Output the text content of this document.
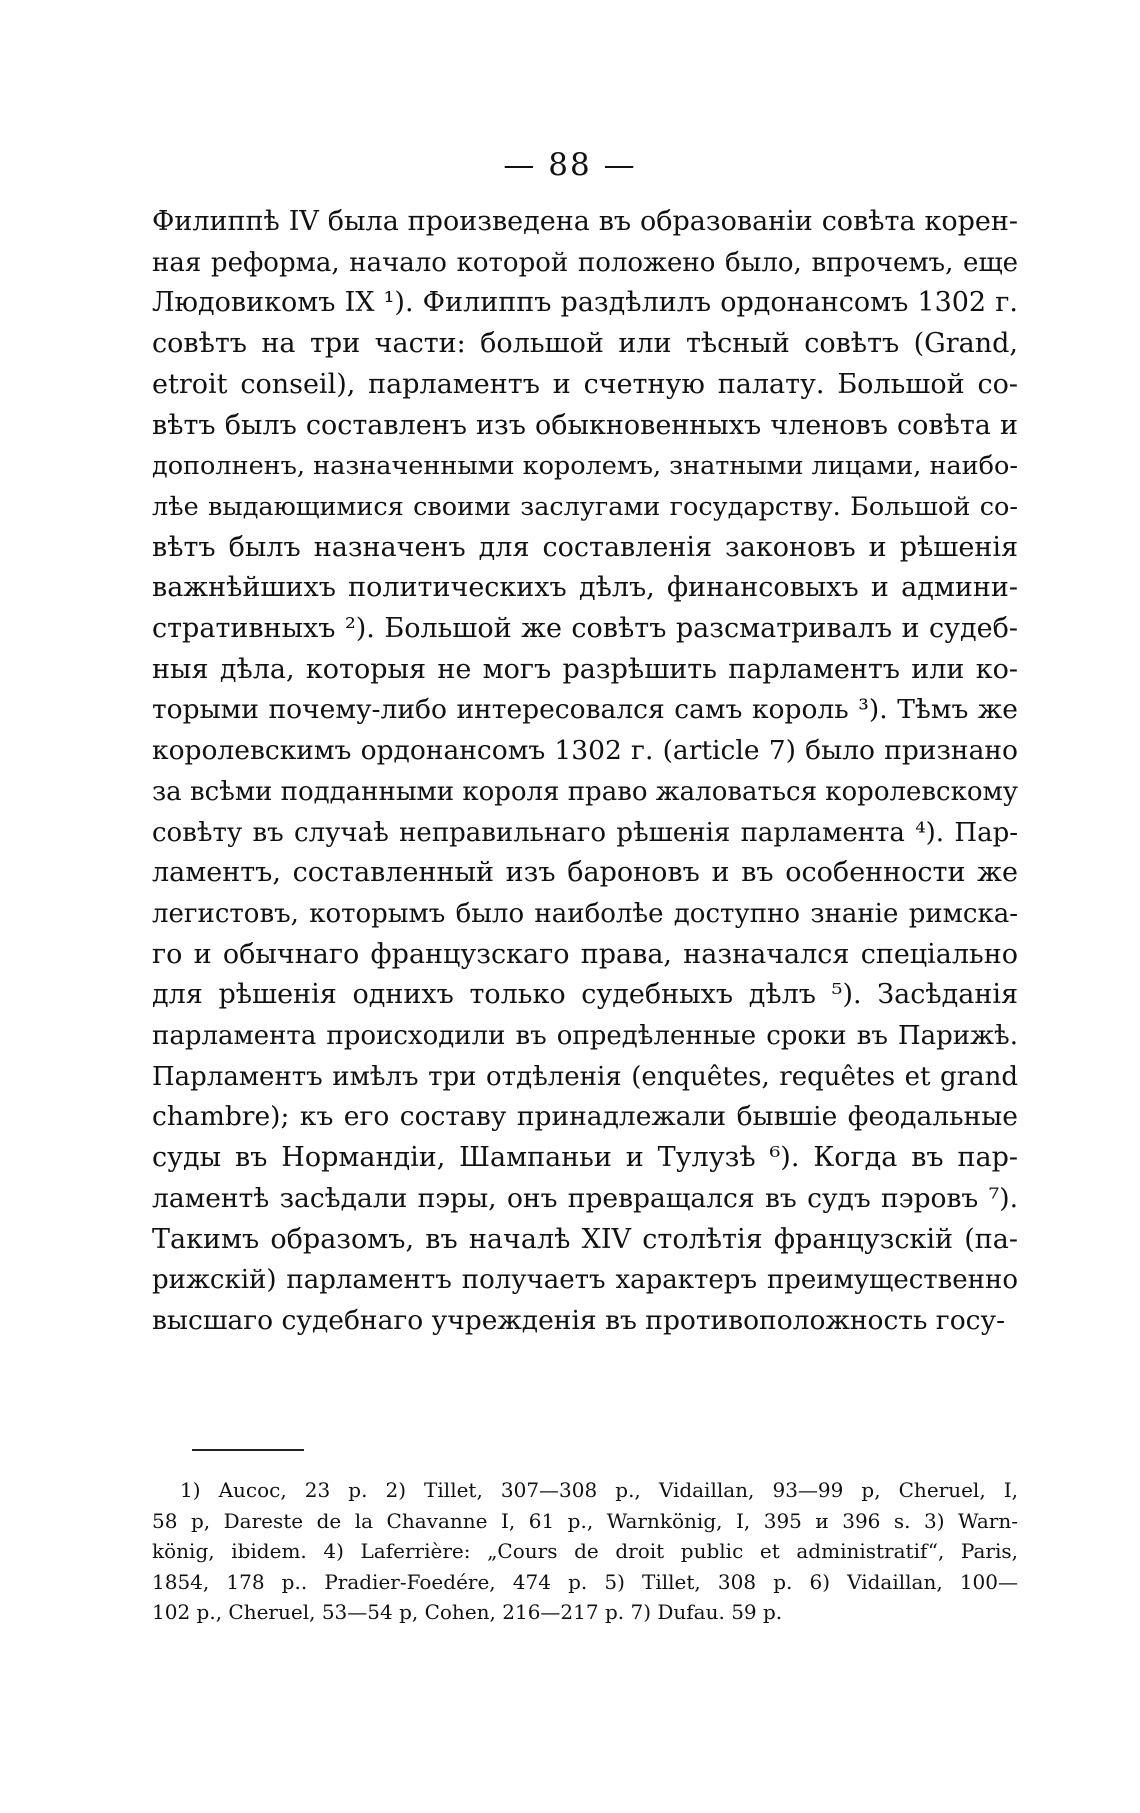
— 88 —
Филиппѣ IV была произведена въ образованіи совѣта корен-
ная реформа, начало которой положено было, впрочемъ, еще
Людовикомъ IX ¹). Филиппъ раздѣлилъ ордонансомъ 1302 г.
совѣтъ на три части: большой или тѣсный совѣтъ (Grand,
etroit conseil), парламентъ и счетную палату. Большой со-
вѣтъ былъ составленъ изъ обыкновенныхъ членовъ совѣта и
дополненъ, назначенными королемъ, знатными лицами, наибо-
лѣе выдающимися своими заслугами государству. Большой со-
вѣтъ былъ назначенъ для составленія законовъ и рѣшенія
важнѣйшихъ политическихъ дѣлъ, финансовыхъ и админи-
стративныхъ ²). Большой же совѣтъ разсматривалъ и судеб-
ныя дѣла, которыя не могъ разрѣшить парламентъ или ко-
торыми почему-либо интересовался самъ король ³). Тѣмъ же
королевскимъ ордонансомъ 1302 г. (article 7) было признано
за всѣми подданными короля право жаловаться королевскому
совѣту въ случаѣ неправильнаго рѣшенія парламента ⁴). Пар-
ламентъ, составленный изъ бароновъ и въ особенности же
легистовъ, которымъ было наиболѣе доступно знаніе римска-
го и обычнаго французскаго права, назначался спеціально
для рѣшенія однихъ только судебныхъ дѣлъ ⁵). Засѣданія
парламента происходили въ опредѣленные сроки въ Парижѣ.
Парламентъ имѣлъ три отдѣленія (enquêtes, requêtes et grand
chambre); къ его составу принадлежали бывшіе феодальные
суды въ Нормандіи, Шампаньи и Тулузѣ ⁶). Когда въ пар-
ламентѣ засѣдали пэры, онъ превращался въ судъ пэровъ ⁷).
Такимъ образомъ, въ началѣ XIV столѣтія французскій (па-
рижскій) парламентъ получаетъ характеръ преимущественно
высшаго судебнаго учрежденія въ противоположность госу-
1) Aucoc, 23 p. 2) Tillet, 307—308 p., Vidaillan, 93—99 p, Cheruel, I,
58 p, Dareste de la Chavanne I, 61 p., Warnkönig, I, 395 и 396 s. 3) Warn-
könig, ibidem. 4) Laferrière: „Cours de droit public et administratif“, Paris,
1854, 178 p.. Pradier-Foedére, 474 p. 5) Tillet, 308 p. 6) Vidaillan, 100—
102 p., Cheruel, 53—54 p, Cohen, 216—217 p. 7) Dufau. 59 p.
